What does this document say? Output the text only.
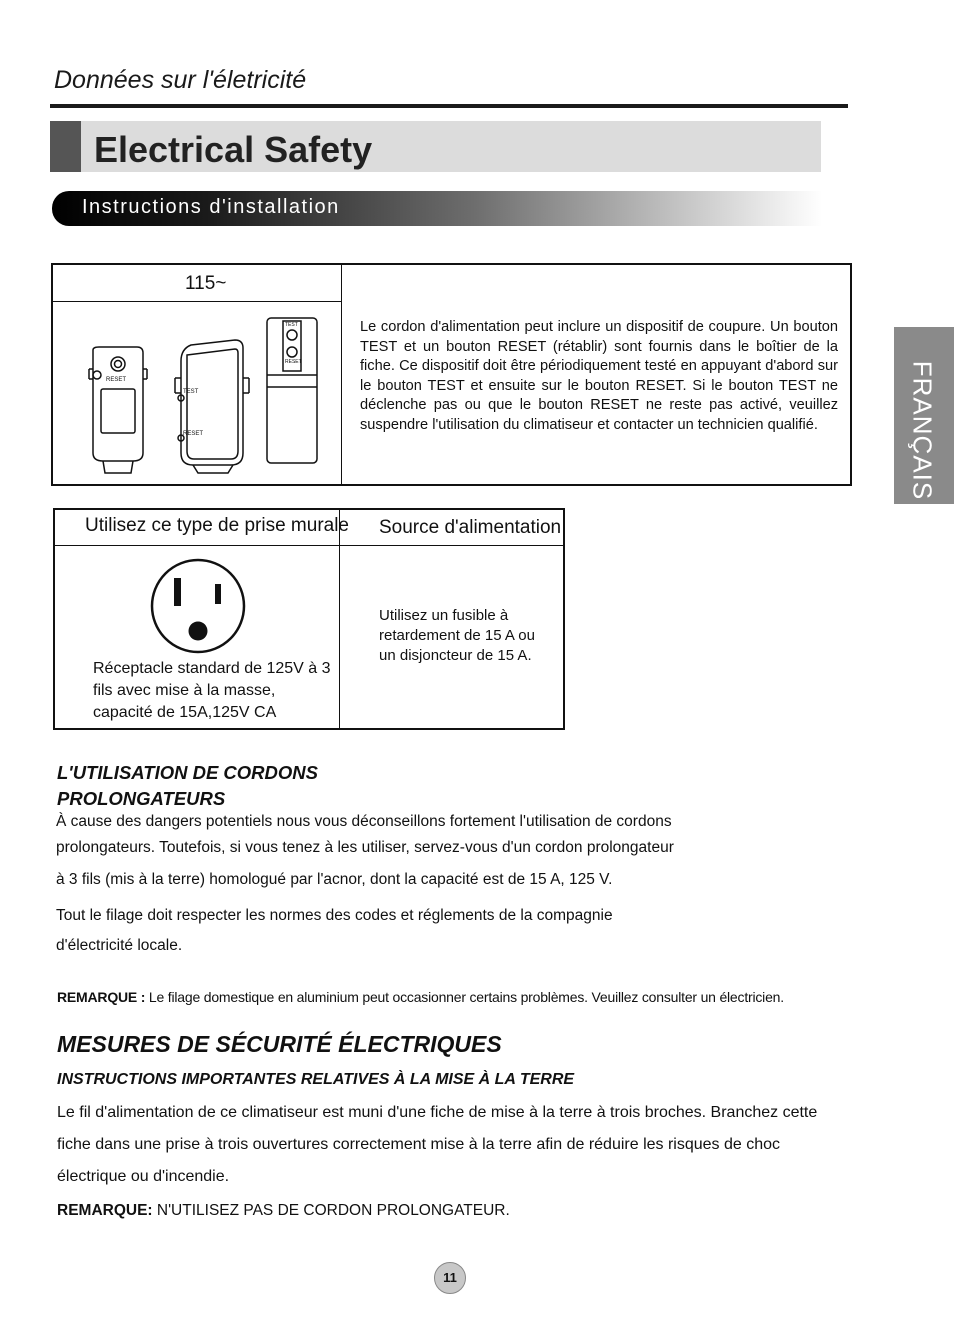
Données sur l'életricité
Electrical Safety
Instructions d'installation
FRANÇAIS
115~
RESET
TEST
RESET
TEST
RESET
Le cordon d'alimentation peut inclure un dispositif de coupure. Un bouton TEST et un bouton RESET (rétablir) sont fournis dans le boîtier de la fiche. Ce dispositif doit être périodiquement testé en appuyant d'abord sur le bouton TEST et ensuite sur le bouton RESET. Si le bouton TEST ne déclenche pas ou que le bouton RESET ne reste pas activé, veuillez suspendre l'utilisation du climatiseur et contacter un technicien qualifié.
Utilisez ce type de prise murale Source d'alimentation
Réceptacle standard de 125V à 3 fils avec mise à la masse, capacité de 15A,125V CA
Utilisez un fusible à retardement de 15 A ou un disjoncteur de 15 A.
L'UTILISATION DE CORDONS
PROLONGATEURS
À cause des dangers potentiels nous vous déconseillons fortement l'utilisation de cordons
prolongateurs. Toutefois, si vous tenez à les utiliser, servez-vous d'un cordon prolongateur
à 3 fils (mis à la terre) homologué par l'acnor, dont la capacité est de 15 A, 125 V.
Tout le filage doit respecter les normes des codes et réglements de la compagnie
d'électricité locale.
REMARQUE : Le filage domestique en aluminium peut occasionner certains problèmes. Veuillez consulter un électricien.
MESURES DE SÉCURITÉ ÉLECTRIQUES
INSTRUCTIONS IMPORTANTES RELATIVES À LA MISE À LA TERRE
Le fil d'alimentation de ce climatiseur est muni d'une fiche de mise à la terre à trois broches. Branchez cette
fiche dans une prise à trois ouvertures correctement mise à la terre afin de réduire les risques de choc
électrique ou d'incendie.
REMARQUE: N'UTILISEZ PAS DE CORDON PROLONGATEUR.
11
